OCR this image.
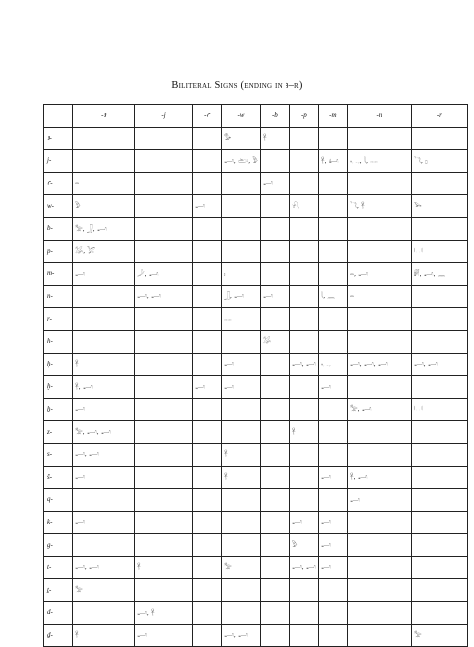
Biliteral Signs (ending in ꜣ–r)
	-ꜣ	-j	-ꜥ	-w	-b	-p	-m	-n	-r
ꜣ-				𓅜	𓋹				
j-				𓂝, 𓂧, 𓅱			𓋹, 𓂞	𓆑, 𓇋, 𓂋	𓆓, 𓊪
ꜥ-	𓏏				𓂝				
w-	𓅱		𓂝			𓍯		𓆓, 𓋹	𓅨
b-	𓅡, 𓃀, 𓂝								
p-	𓅮, 𓅯								𓉐
m-	𓂝	𓌳, 𓂝		𓏤				𓏏, 𓂝	𓏞, 𓂝, 𓈖
n-		𓂝, 𓂝		𓃀, 𓂝	𓂝		𓇋, 𓈖	𓏏	
r-				𓂋					
h-					𓅮				
ḥ-	𓋹			𓂝		𓂝, 𓂝	𓆑	𓂝, 𓂝, 𓂝	𓂝, 𓂝
ḫ-	𓋹, 𓂝		𓂝	𓂝			𓂝		
ẖ-	𓂝							𓅡, 𓂝	𓉐
z-	𓅡, 𓂝, 𓂝					𓋹			
s-	𓂝, 𓂝			𓋹					
š-	𓂝			𓋹			𓂝	𓋹, 𓂝	
q-								𓂝	
k-	𓂝					𓂝	𓂝		
g-						𓅱	𓂝		
t-	𓂝, 𓂝	𓋹		𓅡		𓂝, 𓂝	𓂝		
ṯ-	𓅡								
d-		𓂝, 𓋹							
ḏ-	𓋹	𓂝		𓂝, 𓂝					𓅡
